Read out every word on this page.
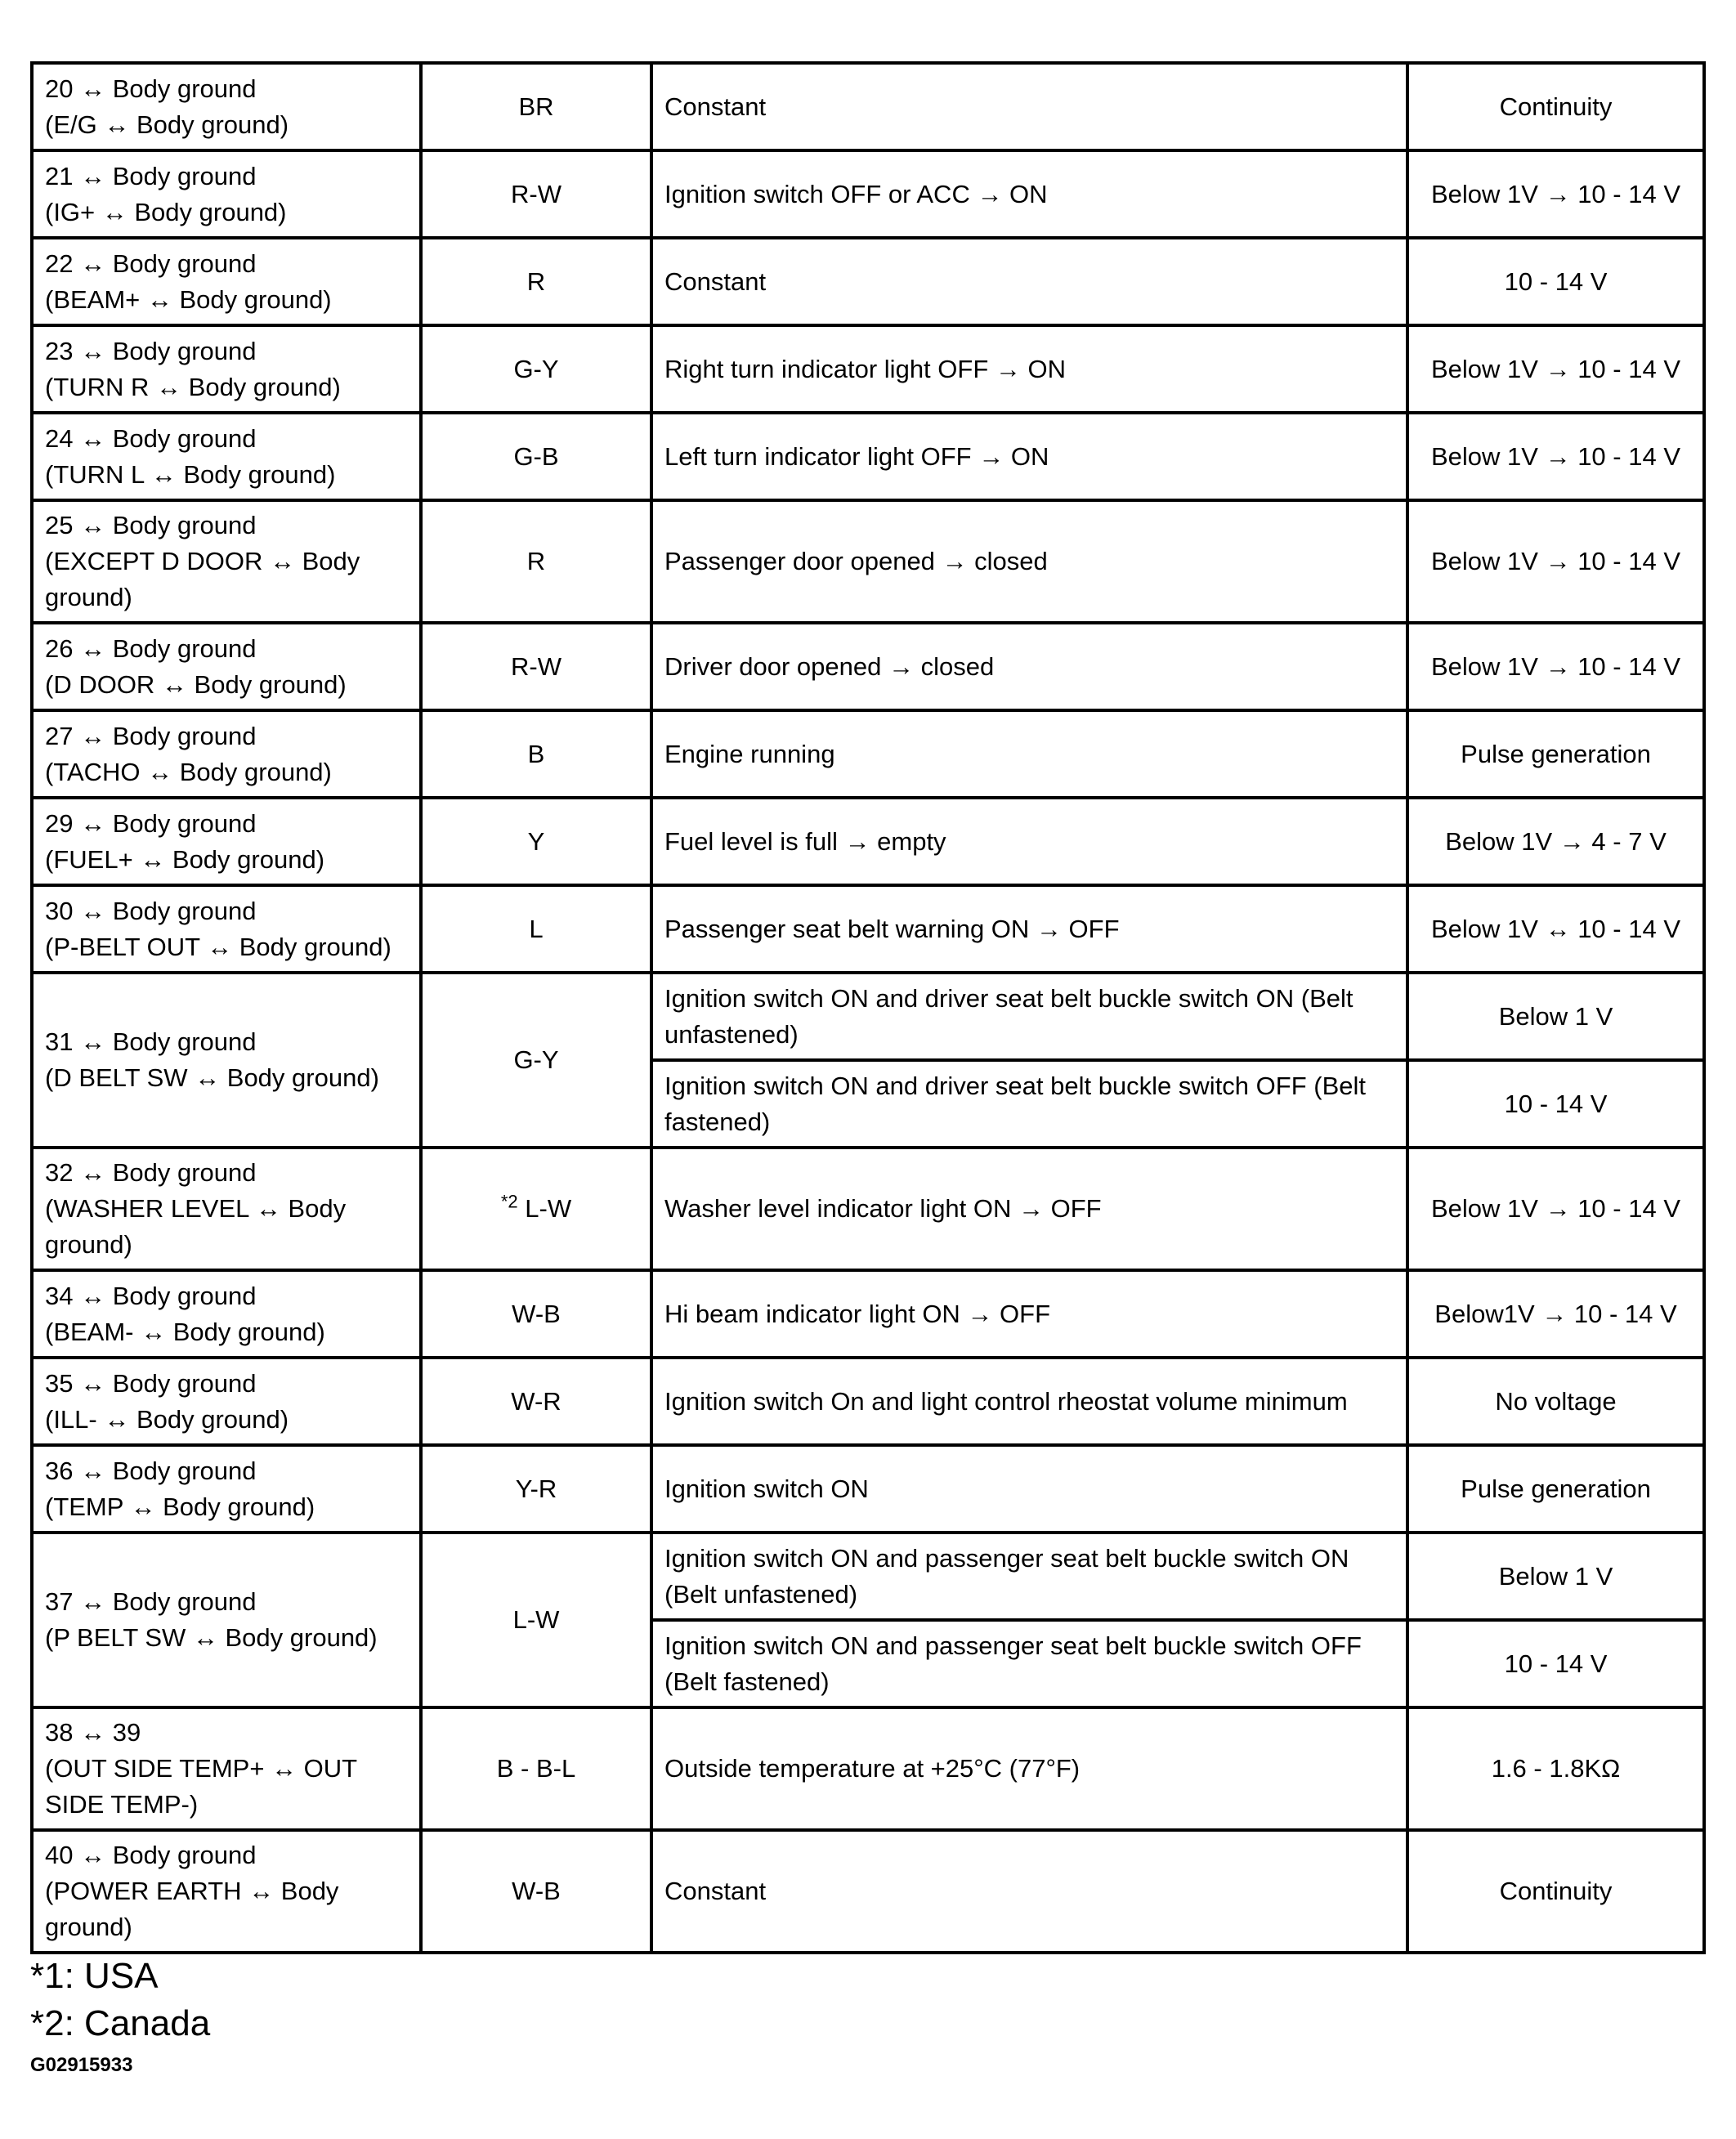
20 ↔ Body ground
(E/G ↔ Body ground)	BR	Constant	Continuity
21 ↔ Body ground
(IG+ ↔ Body ground)	R-W	Ignition switch OFF or ACC → ON	Below 1V → 10 - 14 V
22 ↔ Body ground
(BEAM+ ↔ Body ground)	R	Constant	10 - 14 V
23 ↔ Body ground
(TURN R ↔ Body ground)	G-Y	Right turn indicator light OFF → ON	Below 1V → 10 - 14 V
24 ↔ Body ground
(TURN L ↔ Body ground)	G-B	Left turn indicator light OFF → ON	Below 1V → 10 - 14 V
25 ↔ Body ground
(EXCEPT D DOOR ↔ Body
ground)	R	Passenger door opened → closed	Below 1V → 10 - 14 V
26 ↔ Body ground
(D DOOR ↔ Body ground)	R-W	Driver door opened → closed	Below 1V → 10 - 14 V
27 ↔ Body ground
(TACHO ↔ Body ground)	B	Engine running	Pulse generation
29 ↔ Body ground
(FUEL+ ↔ Body ground)	Y	Fuel level is full → empty	Below 1V → 4 - 7 V
30 ↔ Body ground
(P-BELT OUT ↔ Body ground)	L	Passenger seat belt warning ON → OFF	Below 1V ↔ 10 - 14 V
31 ↔ Body ground
(D BELT SW ↔ Body ground)	G-Y	Ignition switch ON and driver seat belt buckle switch ON (Belt
unfastened)	Below 1 V
		Ignition switch ON and driver seat belt buckle switch OFF (Belt
fastened)	10 - 14 V
32 ↔ Body ground
(WASHER LEVEL ↔ Body
ground)	$^{*2}$ L-W	Washer level indicator light ON → OFF	Below 1V → 10 - 14 V
34 ↔ Body ground
(BEAM- ↔ Body ground)	W-B	Hi beam indicator light ON → OFF	Below1V → 10 - 14 V
35 ↔ Body ground
(ILL- ↔ Body ground)	W-R	Ignition switch On and light control rheostat volume minimum	No voltage
36 ↔ Body ground
(TEMP ↔ Body ground)	Y-R	Ignition switch ON	Pulse generation
37 ↔ Body ground
(P BELT SW ↔ Body ground)	L-W	Ignition switch ON and passenger seat belt buckle switch ON
(Belt unfastened)	Below 1 V
		Ignition switch ON and passenger seat belt buckle switch OFF
(Belt fastened)	10 - 14 V
38 ↔ 39
(OUT SIDE TEMP+ ↔ OUT
SIDE TEMP-)	B - B-L	Outside temperature at +25°C (77°F)	1.6 - 1.8KΩ
40 ↔ Body ground
(POWER EARTH ↔ Body
ground)	W-B	Constant	Continuity
*1: USA
*2: Canada
G02915933
